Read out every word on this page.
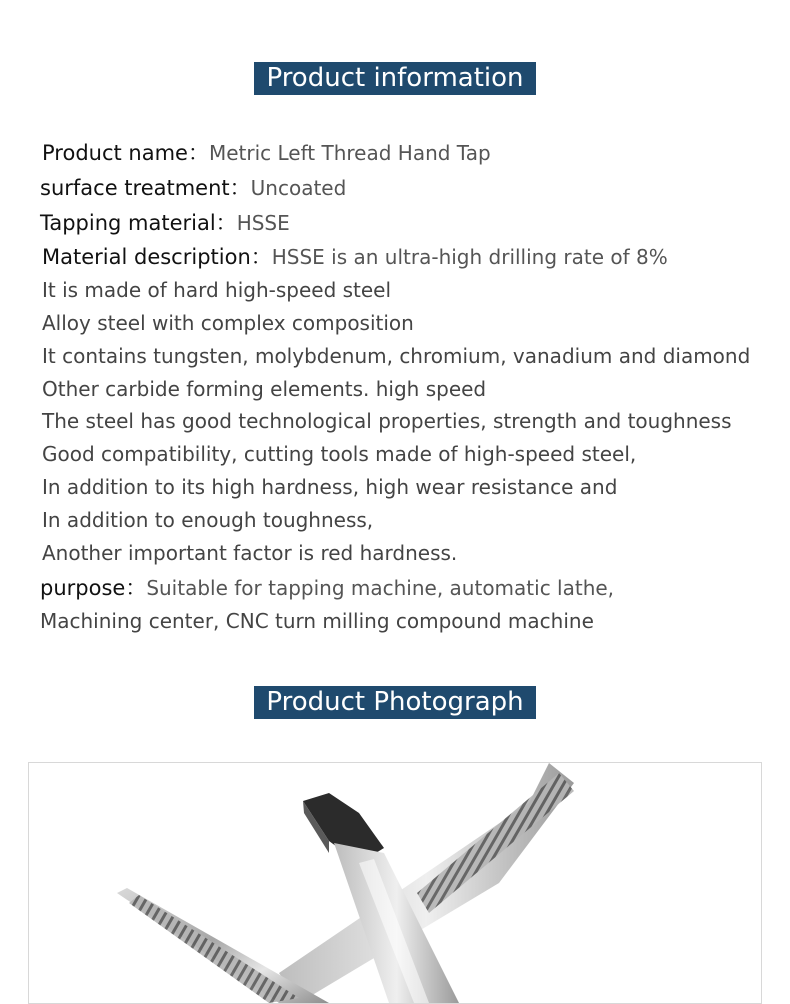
Product information
Product name：Metric Left Thread Hand Tap
surface treatment：Uncoated
Tapping material：HSSE
Material description：HSSE is an ultra-high drilling rate of 8%
It is made of hard high-speed steel
Alloy steel with complex composition
It contains tungsten, molybdenum, chromium, vanadium and diamond
Other carbide forming elements. high speed
The steel has good technological properties, strength and toughness
Good compatibility, cutting tools made of high-speed steel,
In addition to its high hardness, high wear resistance and
In addition to enough toughness,
Another important factor is red hardness.
purpose：Suitable for tapping machine, automatic lathe,
Machining center, CNC turn milling compound machine
Product Photograph
